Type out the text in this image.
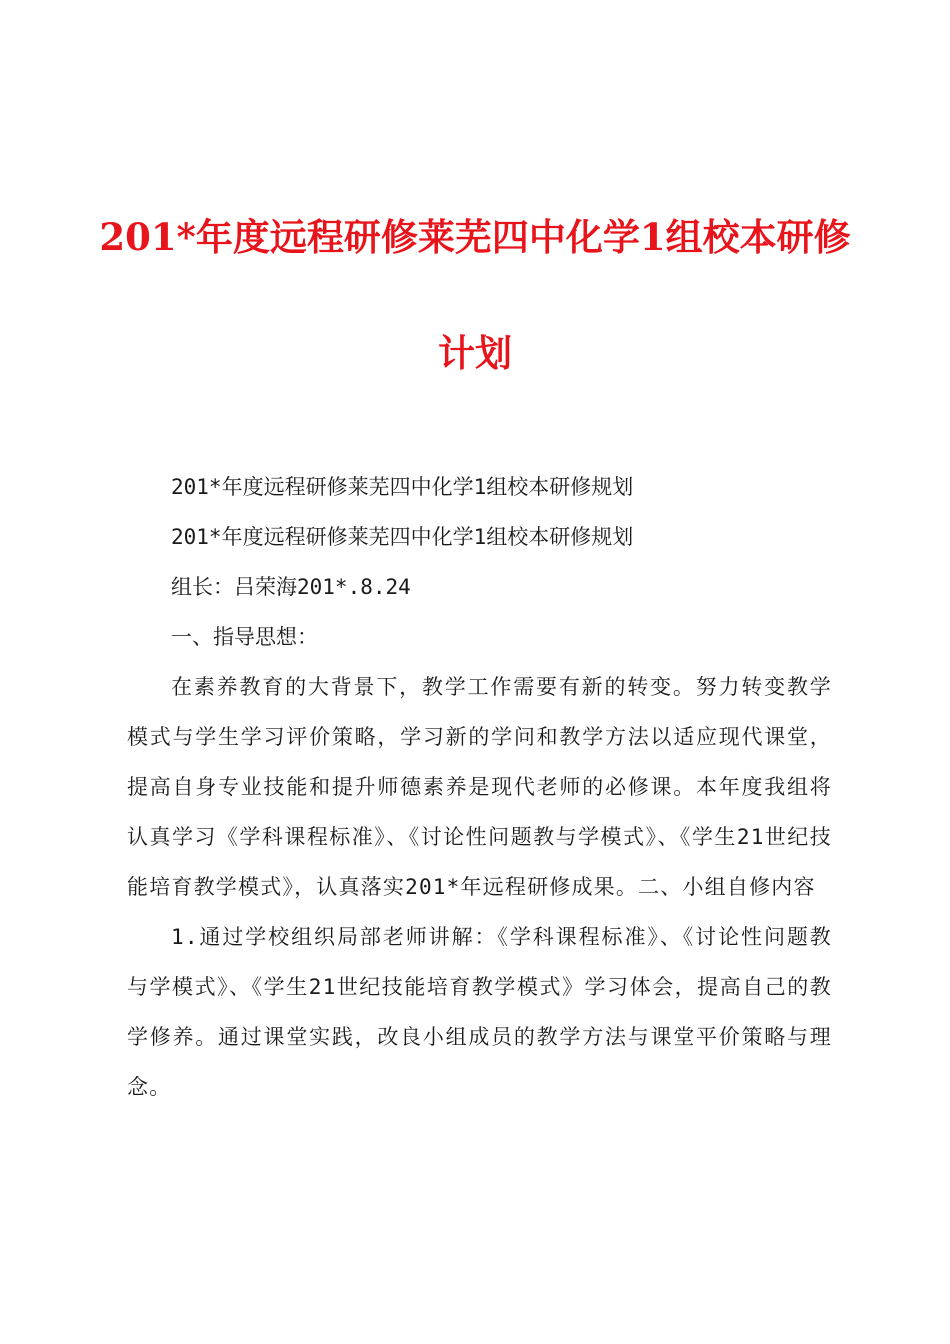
201*年度远程研修莱芜四中化学1组校本研修
计划
201*年度远程研修莱芜四中化学1组校本研修规划
201*年度远程研修莱芜四中化学1组校本研修规划
组长：吕荣海201*.8.24
一、指导思想：

在素养教育的大背景下，教学工作需要有新的转变。努力转变教学模式与学生学习评价策略，学习新的学问和教学方法以适应现代课堂，提高自身专业技能和提升师德素养是现代老师的必修课。本年度我组将认真学习《学科课程标准》、《讨论性问题教与学模式》、《学生21世纪技能培育教学模式》，认真落实201*年远程研修成果。二、小组自修内容

1.通过学校组织局部老师讲解：《学科课程标准》、《讨论性问题教与学模式》、《学生21世纪技能培育教学模式》学习体会，提高自己的教学修养。通过课堂实践，改良小组成员的教学方法与课堂平价策略与理念。
